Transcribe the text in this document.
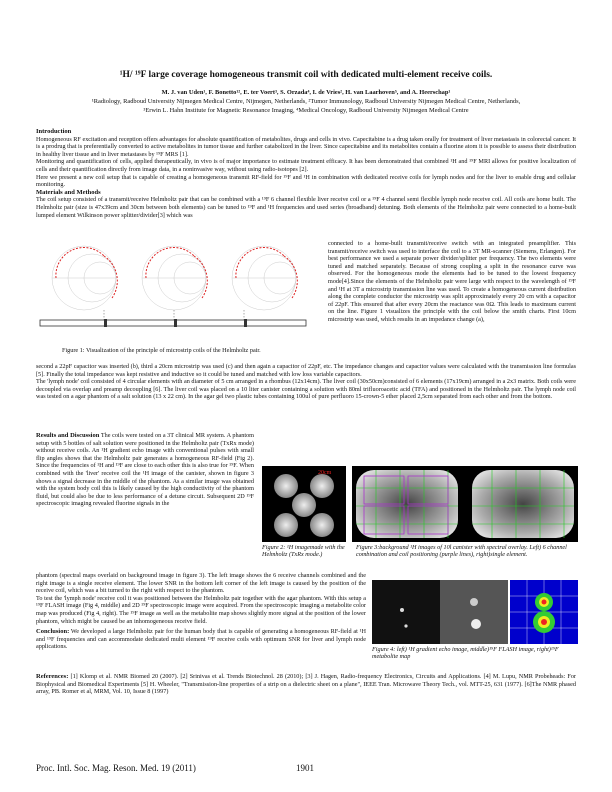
¹H/ ¹⁹F large coverage homogeneous transmit coil with dedicated multi-element receive coils.
M. J. van Uden¹, F. Bonetto¹², E. ter Voert³, S. Orzada⁴, I. de Vries², H. van Laarhoven⁵, and A. Heerschap¹
¹Radiology, Radboud University Nijmegen Medical Centre, Nijmegen, Netherlands, ²Tumor Immunology, Radboud University Nijmegen Medical Centre, Netherlands,
³Erwin L. Hahn Institute for Magnetic Resonance Imaging, ⁴Medical Oncology, Radboud University Nijmegen Medical Centre
Introduction
Homogeneous RF excitation and reception offers advantages for absolute quantification of metabolites, drugs and cells in vivo. Capecitabine is a drug taken orally for treatment of liver metastasis in colorectal cancer. It is a prodrug that is preferentially converted to active metabolites in tumor tissue and further catabolized in the liver. Since capecitabine and its metabolites contain a fluorine atom it is possible to assess their distribution in healthy liver tissue and in liver metastases by ¹⁹F MRS [1].
Monitoring and quantification of cells, applied therapeutically, in vivo is of major importance to estimate treatment efficacy. It has been demonstrated that combined ¹H and ¹⁹F MRI allows for positive localization of cells and their quantification directly from image data, in a noninvasive way, without using radio-isotopes [2].
Here we present a new coil setup that is capable of creating a homogeneous transmit RF-field for ¹⁹F and ¹H in combination with dedicated receive coils for lymph nodes and for the liver to enable drug and cellular monitoring.
Materials and Methods
The coil setup consisted of a transmit/receive Helmholtz pair that can be combined with a ¹⁹F 6 channel flexible liver receive coil or a ¹⁹F 4 channel semi flexible lymph node receive coil. All coils are home built. The Helmholtz pair (size is 47x39cm and 30cm between both elements) can be tuned to ¹⁹F and ¹H frequencies and used series (broadband) detuning. Both elements of the Helmholtz pair were connected to a home-built lumped element Wilkinson power splitter/divider[3] which was
Figure 1: Visualization of the principle of microstrip coils of the Helmholtz pair.
connected to a home-built transmit/receive switch with an integrated preamplifier. This transmit/receive switch was used to interface the coil to a 3T MR-scanner (Siemens, Erlangen). For best performance we used a separate power divider/splitter per frequency. The two elements were tuned and matched separately. Because of strong coupling a split in the resonance curve was observed. For the homogeneous mode the elements had to be tuned to the lowest frequency mode[4].Since the elements of the Helmholtz pair were large with respect to the wavelength of ¹⁹F and ¹H at 3T a microstrip transmission line was used. To create a homogeneous current distribution along the complete conductor the microstrip was split approximately every 20 cm with a capacitor of 22pF. This ensured that after every 20cm the reactance was 0Ω. This leads to maximum current on the line. Figure 1 visualizes the principle with the coil below the smith charts. First 10cm microstrip was used, which results in an impedance change (a),
second a 22pF capacitor was inserted (b), third a 20cm microstrip was used (c) and then again a capacitor of 22pF, etc. The impedance changes and capacitor values were calculated with the transmission line formulas [5]. Finally the total impedance was kept resistive and inductive so it could be tuned and matched with low loss variable capacitors.
The 'lymph node' coil consisted of 4 circular elements with an diameter of 5 cm arranged in a rhombus (12x14cm). The liver coil (30x50cm)consisted of 6 elements (17x19cm) arranged in a 2x3 matrix. Both coils were decoupled via overlap and preamp decoupling [6]. The liver coil was placed on a 10 liter canister containing a solution with 80ml trifluoroacetic acid (TFA) and positioned in the Helmholtz pair. The lymph node coil was tested on a agar phantom of a salt solution (13 x 22 cm). In the agar gel two plastic tubes containing 100ul of pure perfluoro 15-crown-5 ether placed 2,5cm separated from each other and from the bottom.
Results and Discussion The coils were tested on a 3T clinical MR system. A phantom setup with 5 bottles of salt solution were positioned in the Helmholtz pair (TxRx mode) without receive coils. An ¹H gradient echo image with conventional pulses with small flip angles shows that the Helmholtz pair generates a homogeneous RF-field (Fig 2). Since the frequencies of ¹H and ¹⁹F are close to each other this is also true for ¹⁹F. When combined with the 'liver' receive coil the ¹H image of the canister, shown in figure 3 shows a signal decrease in the middle of the phantom. As a similar image was obtained with the system body coil this is likely caused by the high conductivity of the phantom fluid, but could also be due to less performance of a detune circuit. Subsequent 2D ¹⁹F spectroscopic imaging revealed fluorine signals in the
20cm
Figure 2: ¹H imagemade with the Helmholtz (TxRx mode.)
Figure 3:background ¹H images of 10l canister with spectral overlay. Left) 6 channel combination and coil positioning (purple lines), right)single element.
phantom (spectral maps overlaid on background image in figure 3). The left image shows the 6 receive channels combined and the right image is a single receive element. The lower SNR in the bottom left corner of the left image is caused by the position of the receive coil, which was a bit turned to the right with respect to the phantom.
To test the 'lymph node' receive coil it was positioned between the Helmholtz pair together with the agar phantom. With this setup a ¹⁹F FLASH image (Fig 4, middle) and 2D ¹⁹F spectroscopic image were acquired. From the spectroscopic imaging a metabolite color map was produced (Fig 4, right). The ¹⁹F image as well as the metabolite map shows slightly more signal at the position of the lower phantom, which might be caused be an inhomogeneous receive field.
Conclusion: We developed a large Helmholtz pair for the human body that is capable of generating a homogeneous RF-field at ¹H and ¹⁹F frequencies and can accommodate dedicated multi element ¹⁹F receive coils with optimum SNR for liver and lymph node applications.	Figure 4: left) ¹H gradient echo image, middle)¹⁹F FLASH image, right)¹⁹F metabolite map
References: [1] Klomp et al. NMR Biomed 20 (2007). [2] Srinivas et al. Trends Biotechnol. 28 (2010); [3] J. Hagen, Radio-frequency Electronics, Circuits and Applications. [4] M. Lupu, NMR Probeheads: For Biophysical and Biomedical Experiments [5] H. Wheeler, "Transmission-line properties of a strip on a dielectric sheet on a plane", IEEE Tran. Microwave Theory Tech., vol. MTT-25, 631 (1977). [6]The NMR phased array, PB. Romer et al, MRM, Vol. 10, Issue 8 (1997)
Proc. Intl. Soc. Mag. Reson. Med. 19 (2011)	1901
